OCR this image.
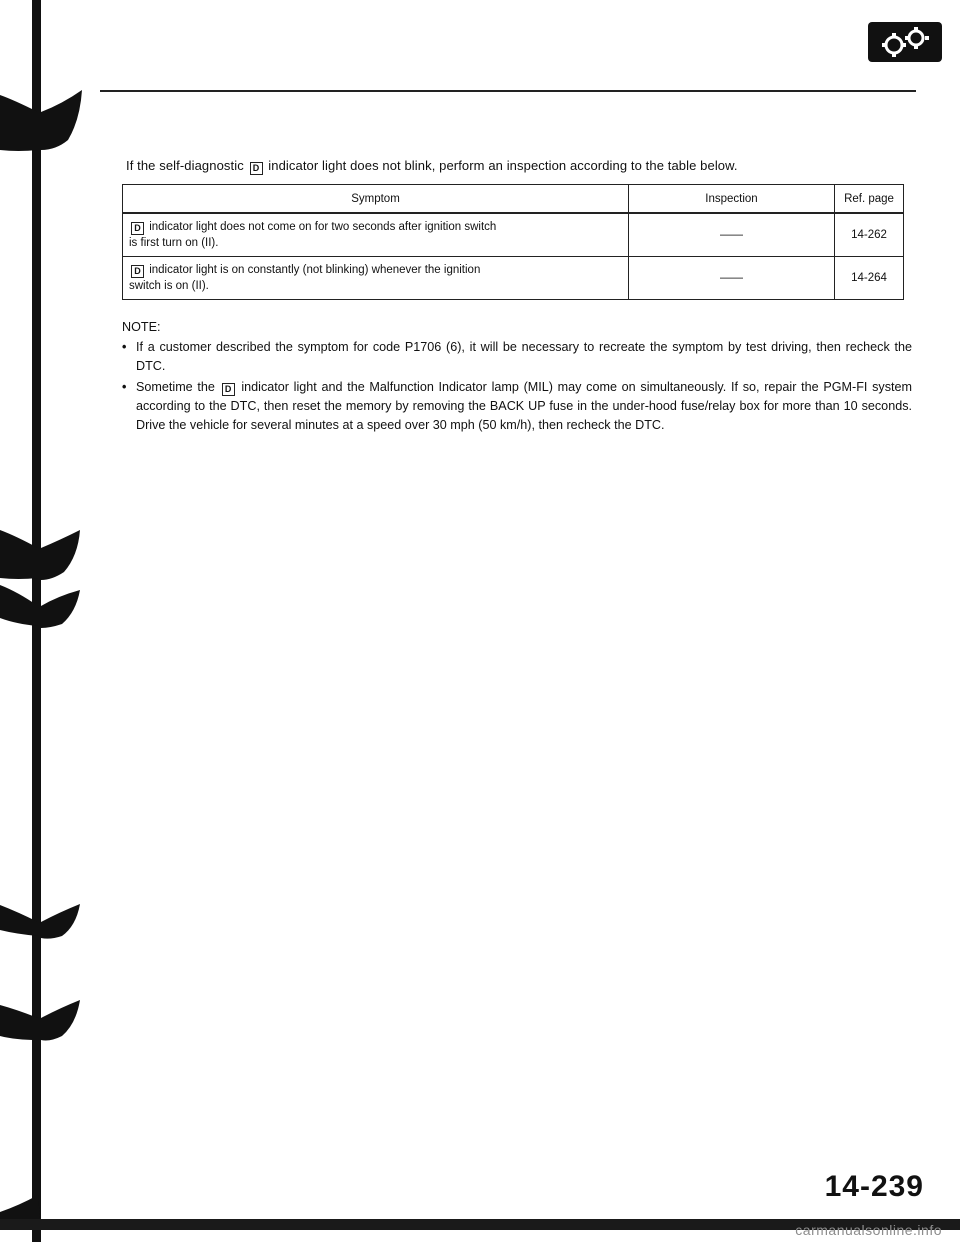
If the self-diagnostic D indicator light does not blink, perform an inspection according to the table below.

Symptom	Inspection	Ref. page
D indicator light does not come on for two seconds after ignition switch
is first turn on (II).	——	14-262
D indicator light is on constantly (not blinking) whenever the ignition
switch is on (II).	——	14-264

NOTE:

• If a customer described the symptom for code P1706 (6), it will be necessary to recreate the symptom by test driving, then recheck the DTC.
• Sometime the D indicator light and the Malfunction Indicator lamp (MIL) may come on simultaneously. If so, repair the PGM-FI system according to the DTC, then reset the memory by removing the BACK UP fuse in the under-hood fuse/relay box for more than 10 seconds. Drive the vehicle for several minutes at a speed over 30 mph (50 km/h), then recheck the DTC.
14-239
carmanualsonline.info
